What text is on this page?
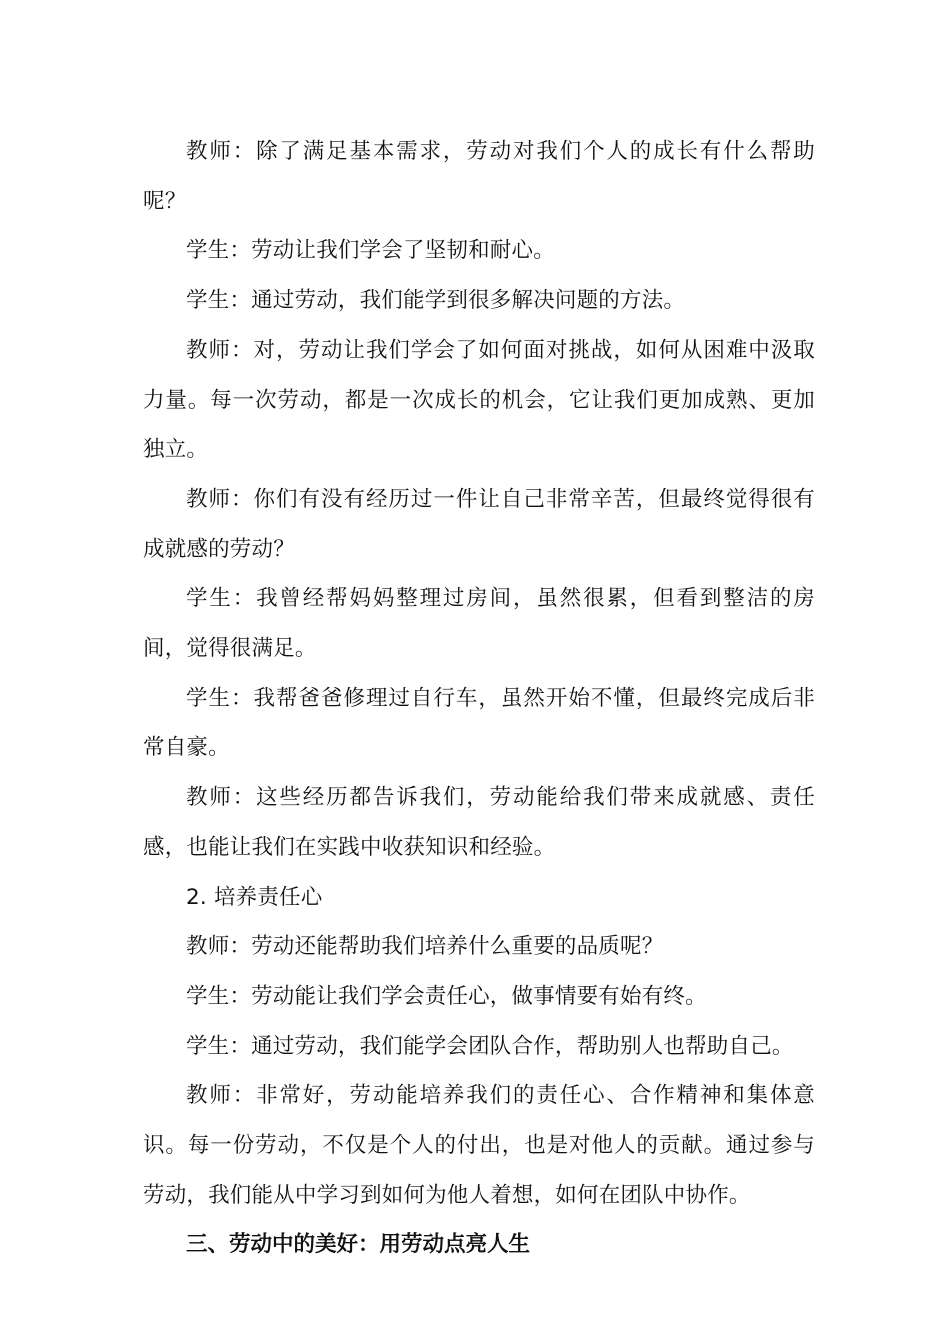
教师：除了满足基本需求，劳动对我们个人的成长有什么帮助呢？

学生：劳动让我们学会了坚韧和耐心。

学生：通过劳动，我们能学到很多解决问题的方法。

教师：对，劳动让我们学会了如何面对挑战，如何从困难中汲取力量。每一次劳动，都是一次成长的机会，它让我们更加成熟、更加独立。

教师：你们有没有经历过一件让自己非常辛苦，但最终觉得很有成就感的劳动？

学生：我曾经帮妈妈整理过房间，虽然很累，但看到整洁的房间，觉得很满足。

学生：我帮爸爸修理过自行车，虽然开始不懂，但最终完成后非常自豪。

教师：这些经历都告诉我们，劳动能给我们带来成就感、责任感，也能让我们在实践中收获知识和经验。

2. 培养责任心

教师：劳动还能帮助我们培养什么重要的品质呢？

学生：劳动能让我们学会责任心，做事情要有始有终。

学生：通过劳动，我们能学会团队合作，帮助别人也帮助自己。

教师：非常好，劳动能培养我们的责任心、合作精神和集体意识。每一份劳动，不仅是个人的付出，也是对他人的贡献。通过参与劳动，我们能从中学习到如何为他人着想，如何在团队中协作。

三、劳动中的美好：用劳动点亮人生
